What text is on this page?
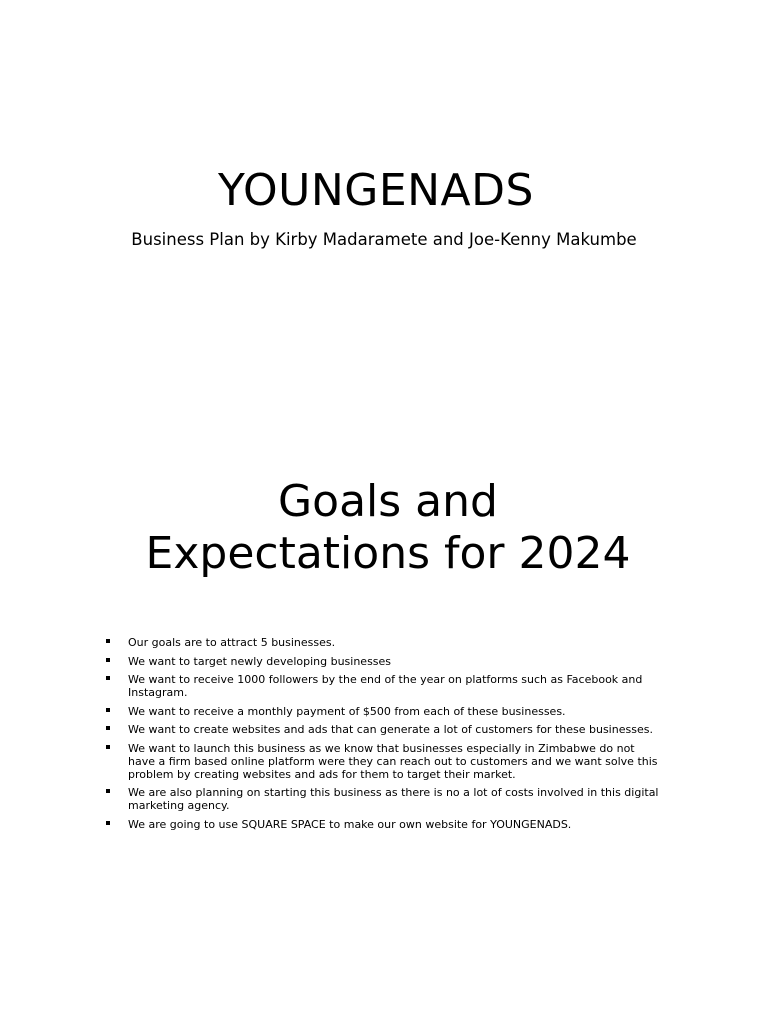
YOUNGENADS
Business Plan by Kirby Madaramete and Joe-Kenny Makumbe
Goals and
Expectations for 2024
Our goals are to attract 5 businesses.
We want to target newly developing businesses
We want to receive 1000 followers by the end of the year on platforms such as Facebook and Instagram.
We want to receive a monthly payment of $500 from each of these businesses.
We want to create websites and ads that can generate a lot of customers for these businesses.
We want to launch this business as we know that businesses especially in Zimbabwe do not have a firm based online platform were they can reach out to customers and we want solve this problem by creating websites and ads for them to target their market.
We are also planning on starting this business as there is no a lot of costs involved in this digital marketing agency.
We are going to use SQUARE SPACE to make our own website for YOUNGENADS.
